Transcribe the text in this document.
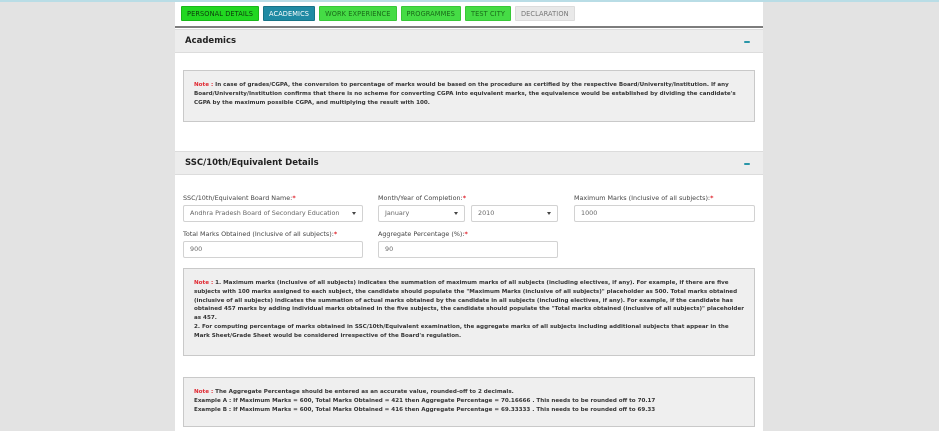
PERSONAL DETAILS	ACADEMICS	WORK EXPERIENCE	PROGRAMMES	TEST CITY	DECLARATION
Academics

Note : In case of grades/CGPA, the conversion to percentage of marks would be based on the procedure as certified by the respective Board/University/Institution. If any Board/University/Institution confirms that there is no scheme for converting CGPA into equivalent marks, the equivalence would be established by dividing the candidate's CGPA by the maximum possible CGPA, and multiplying the result with 100.

SSC/10th/Equivalent Details
SSC/10th/Equivalent Board Name:*
Andhra Pradesh Board of Secondary Education
Month/Year of Completion:*
January	2010
Maximum Marks (Inclusive of all subjects):*
1000
Total Marks Obtained (Inclusive of all subjects):*
900
Aggregate Percentage (%):*
90

Note : 1. Maximum marks (inclusive of all subjects) indicates the summation of maximum marks of all subjects (including electives, if any). For example, if there are five subjects with 100 marks assigned to each subject, the candidate should populate the "Maximum Marks (inclusive of all subjects)" placeholder as 500. Total marks obtained (inclusive of all subjects) indicates the summation of actual marks obtained by the candidate in all subjects (including electives, if any). For example, if the candidate has obtained 457 marks by adding individual marks obtained in the five subjects, the candidate should populate the "Total marks obtained (inclusive of all subjects)" placeholder as 457.

2. For computing percentage of marks obtained in SSC/10th/Equivalent examination, the aggregate marks of all subjects including additional subjects that appear in the Mark Sheet/Grade Sheet would be considered irrespective of the Board's regulation.

Note : The Aggregate Percentage should be entered as an accurate value, rounded-off to 2 decimals.

Example A : If Maximum Marks = 600, Total Marks Obtained = 421 then Aggregate Percentage = 70.16666 . This needs to be rounded off to 70.17

Example B : If Maximum Marks = 600, Total Marks Obtained = 416 then Aggregate Percentage = 69.33333 . This needs to be rounded off to 69.33
